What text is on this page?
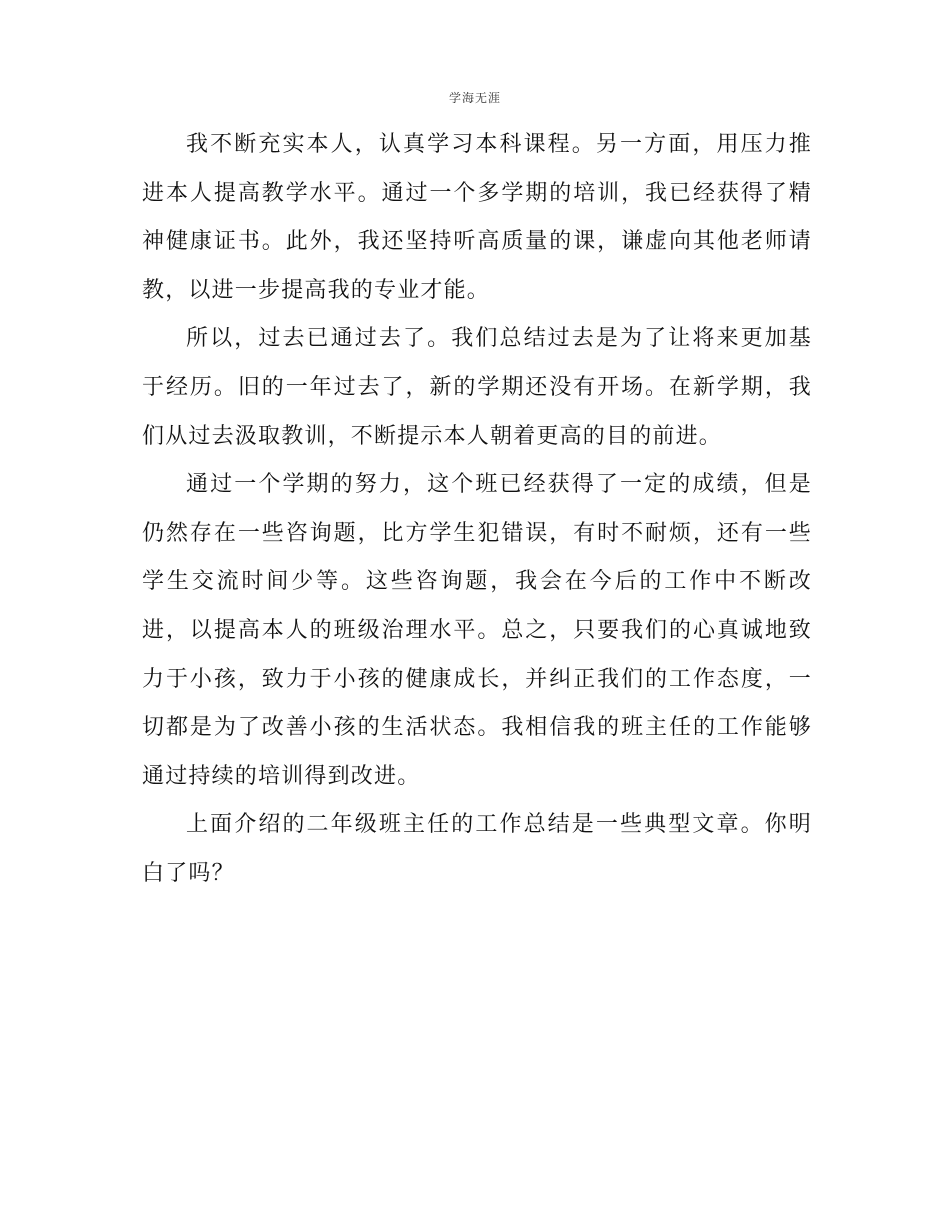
学海无涯

我不断充实本人，认真学习本科课程。另一方面，用压力推进本人提高教学水平。通过一个多学期的培训，我已经获得了精神健康证书。此外，我还坚持听高质量的课，谦虚向其他老师请教，以进一步提高我的专业才能。

所以，过去已通过去了。我们总结过去是为了让将来更加基于经历。旧的一年过去了，新的学期还没有开场。在新学期，我们从过去汲取教训，不断提示本人朝着更高的目的前进。

通过一个学期的努力，这个班已经获得了一定的成绩，但是仍然存在一些咨询题，比方学生犯错误，有时不耐烦，还有一些学生交流时间少等。这些咨询题，我会在今后的工作中不断改进，以提高本人的班级治理水平。总之，只要我们的心真诚地致力于小孩，致力于小孩的健康成长，并纠正我们的工作态度，一切都是为了改善小孩的生活状态。我相信我的班主任的工作能够通过持续的培训得到改进。

上面介绍的二年级班主任的工作总结是一些典型文章。你明白了吗？
